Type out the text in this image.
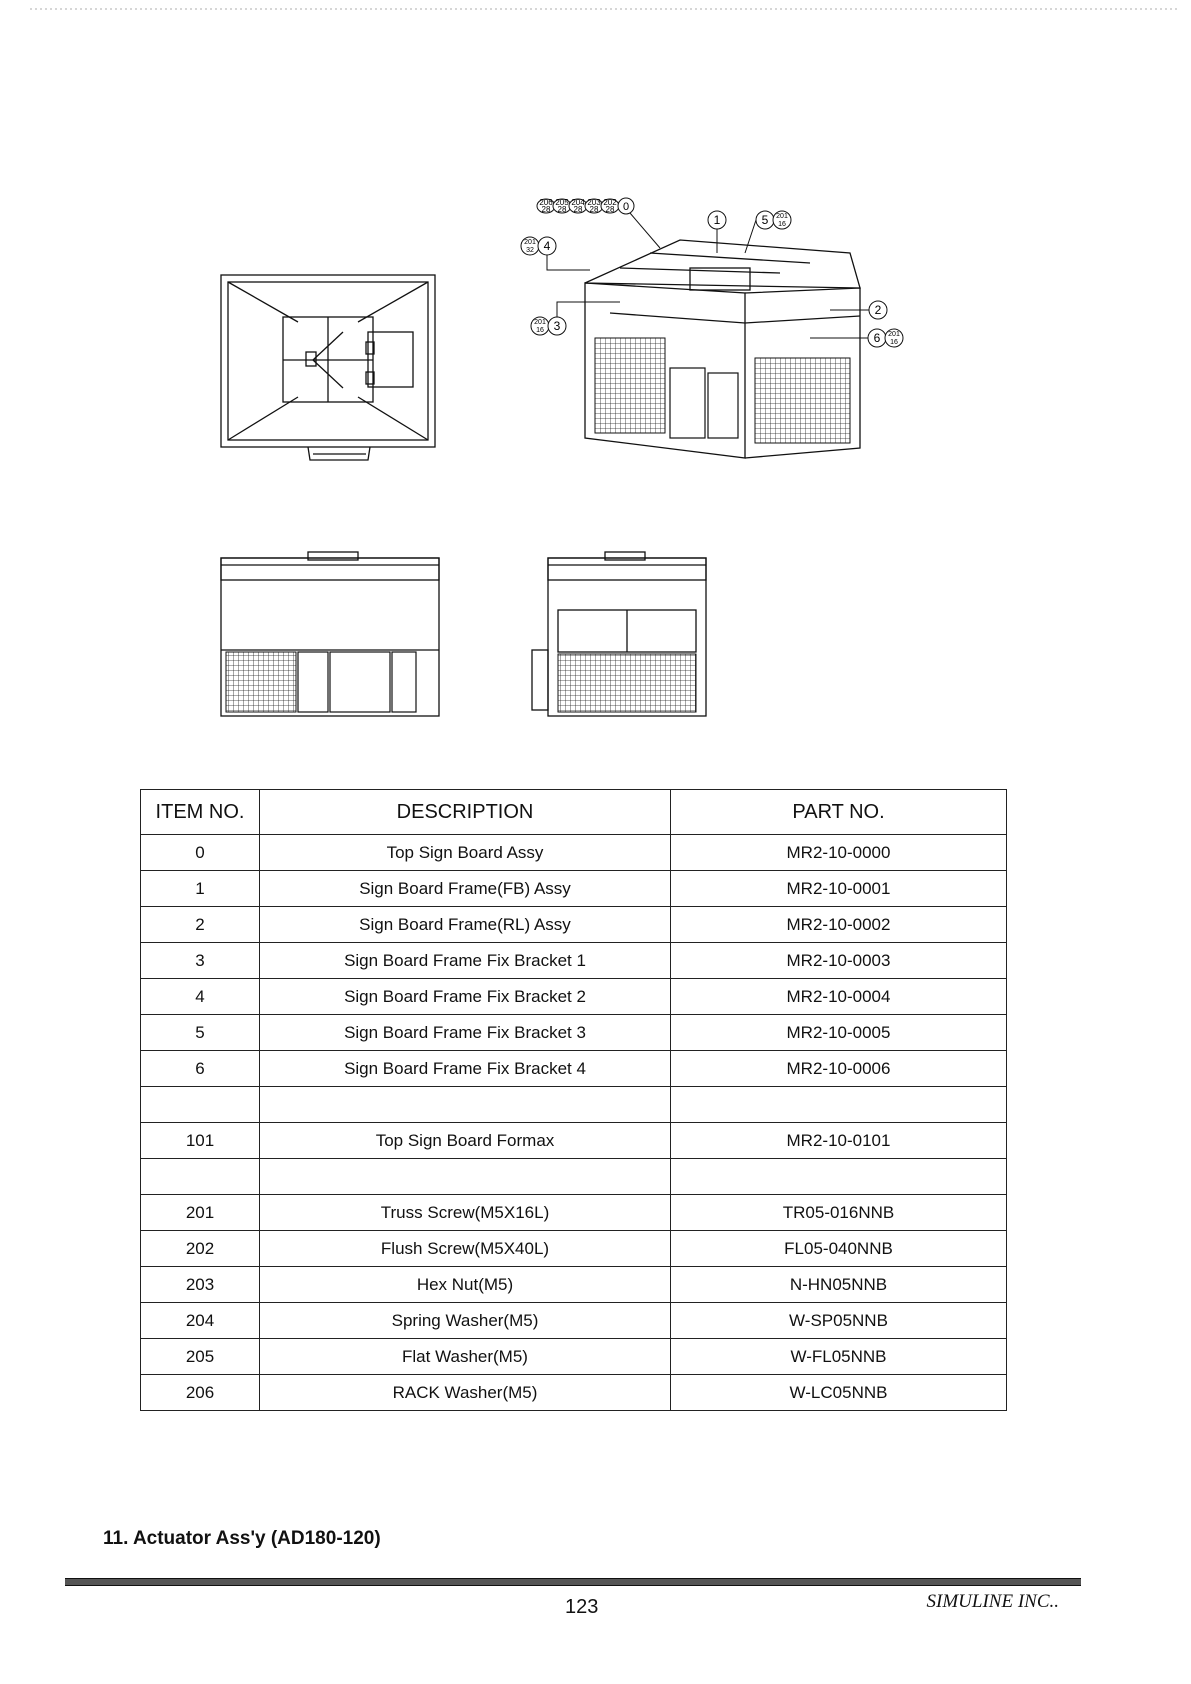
206 205 204 203 202
28 28 28 28 28 0
1	5 201
16
201
32 4
201
16 3
2
6 201
16
ITEM NO.	DESCRIPTION	PART NO.
0	Top Sign Board Assy	MR2-10-0000
1	Sign Board Frame(FB) Assy	MR2-10-0001
2	Sign Board Frame(RL) Assy	MR2-10-0002
3	Sign Board Frame Fix Bracket 1	MR2-10-0003
4	Sign Board Frame Fix Bracket 2	MR2-10-0004
5	Sign Board Frame Fix Bracket 3	MR2-10-0005
6	Sign Board Frame Fix Bracket 4	MR2-10-0006

101	Top Sign Board Formax	MR2-10-0101

201	Truss Screw(M5X16L)	TR05-016NNB
202	Flush Screw(M5X40L)	FL05-040NNB
203	Hex Nut(M5)	N-HN05NNB
204	Spring Washer(M5)	W-SP05NNB
205	Flat Washer(M5)	W-FL05NNB
206	RACK Washer(M5)	W-LC05NNB
11. Actuator Ass'y (AD180-120)
123	SIMULINE INC..
